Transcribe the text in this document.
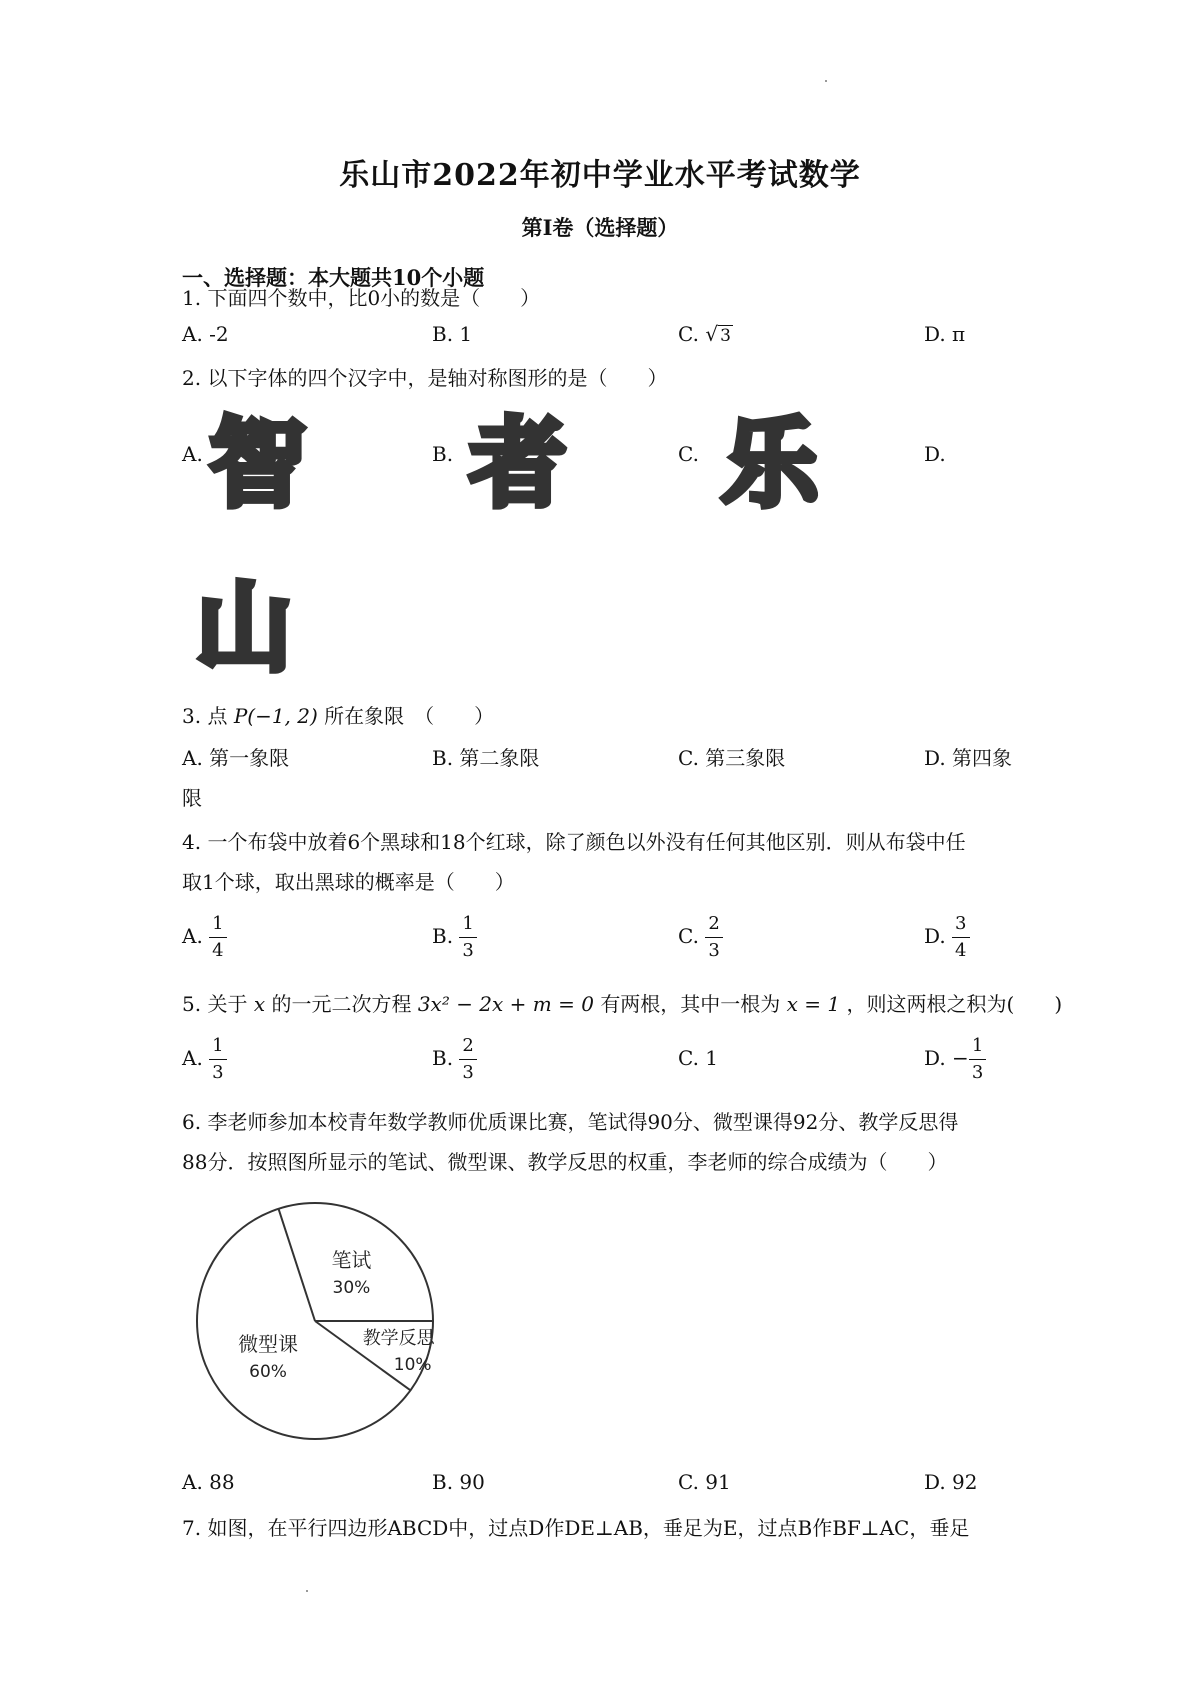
乐山市2022年初中学业水平考试数学
第Ⅰ卷（选择题）
一、选择题：本大题共10个小题
1. 下面四个数中，比0小的数是（　　）
A. -2	B. 1	C. √ 3	D. π
2. 以下字体的四个汉字中，是轴对称图形的是（　　）
A. 智	B. 者	C. 乐	D.
山
3. 点 P(−1, 2) 所在象限　（　　）
A. 第一象限	B. 第二象限	C. 第三象限	D. 第四象
限
4. 一个布袋中放着6个黑球和18个红球，除了颜色以外没有任何其他区别．则从布袋中任
取1个球，取出黑球的概率是（　　）
A. $\frac{1}{4}$	B. $\frac{1}{3}$	C. $\frac{2}{3}$	D. $\frac{3}{4}$
5. 关于 x 的一元二次方程 3x² − 2x + m = 0 有两根，其中一根为 x = 1 ，则这两根之积为(　　)
A. $\frac{1}{3}$	B. $\frac{2}{3}$	C. 1	D. − $\frac{1}{3}$
6. 李老师参加本校青年数学教师优质课比赛，笔试得90分、微型课得92分、教学反思得
88分．按照图所显示的笔试、微型课、教学反思的权重，李老师的综合成绩为（　　）
笔试
30%
教学反思
10%
微型课
60%
A. 88	B. 90	C. 91	D. 92
7. 如图，在平行四边形ABCD中，过点D作DE⊥AB，垂足为E，过点B作BF⊥AC，垂足
